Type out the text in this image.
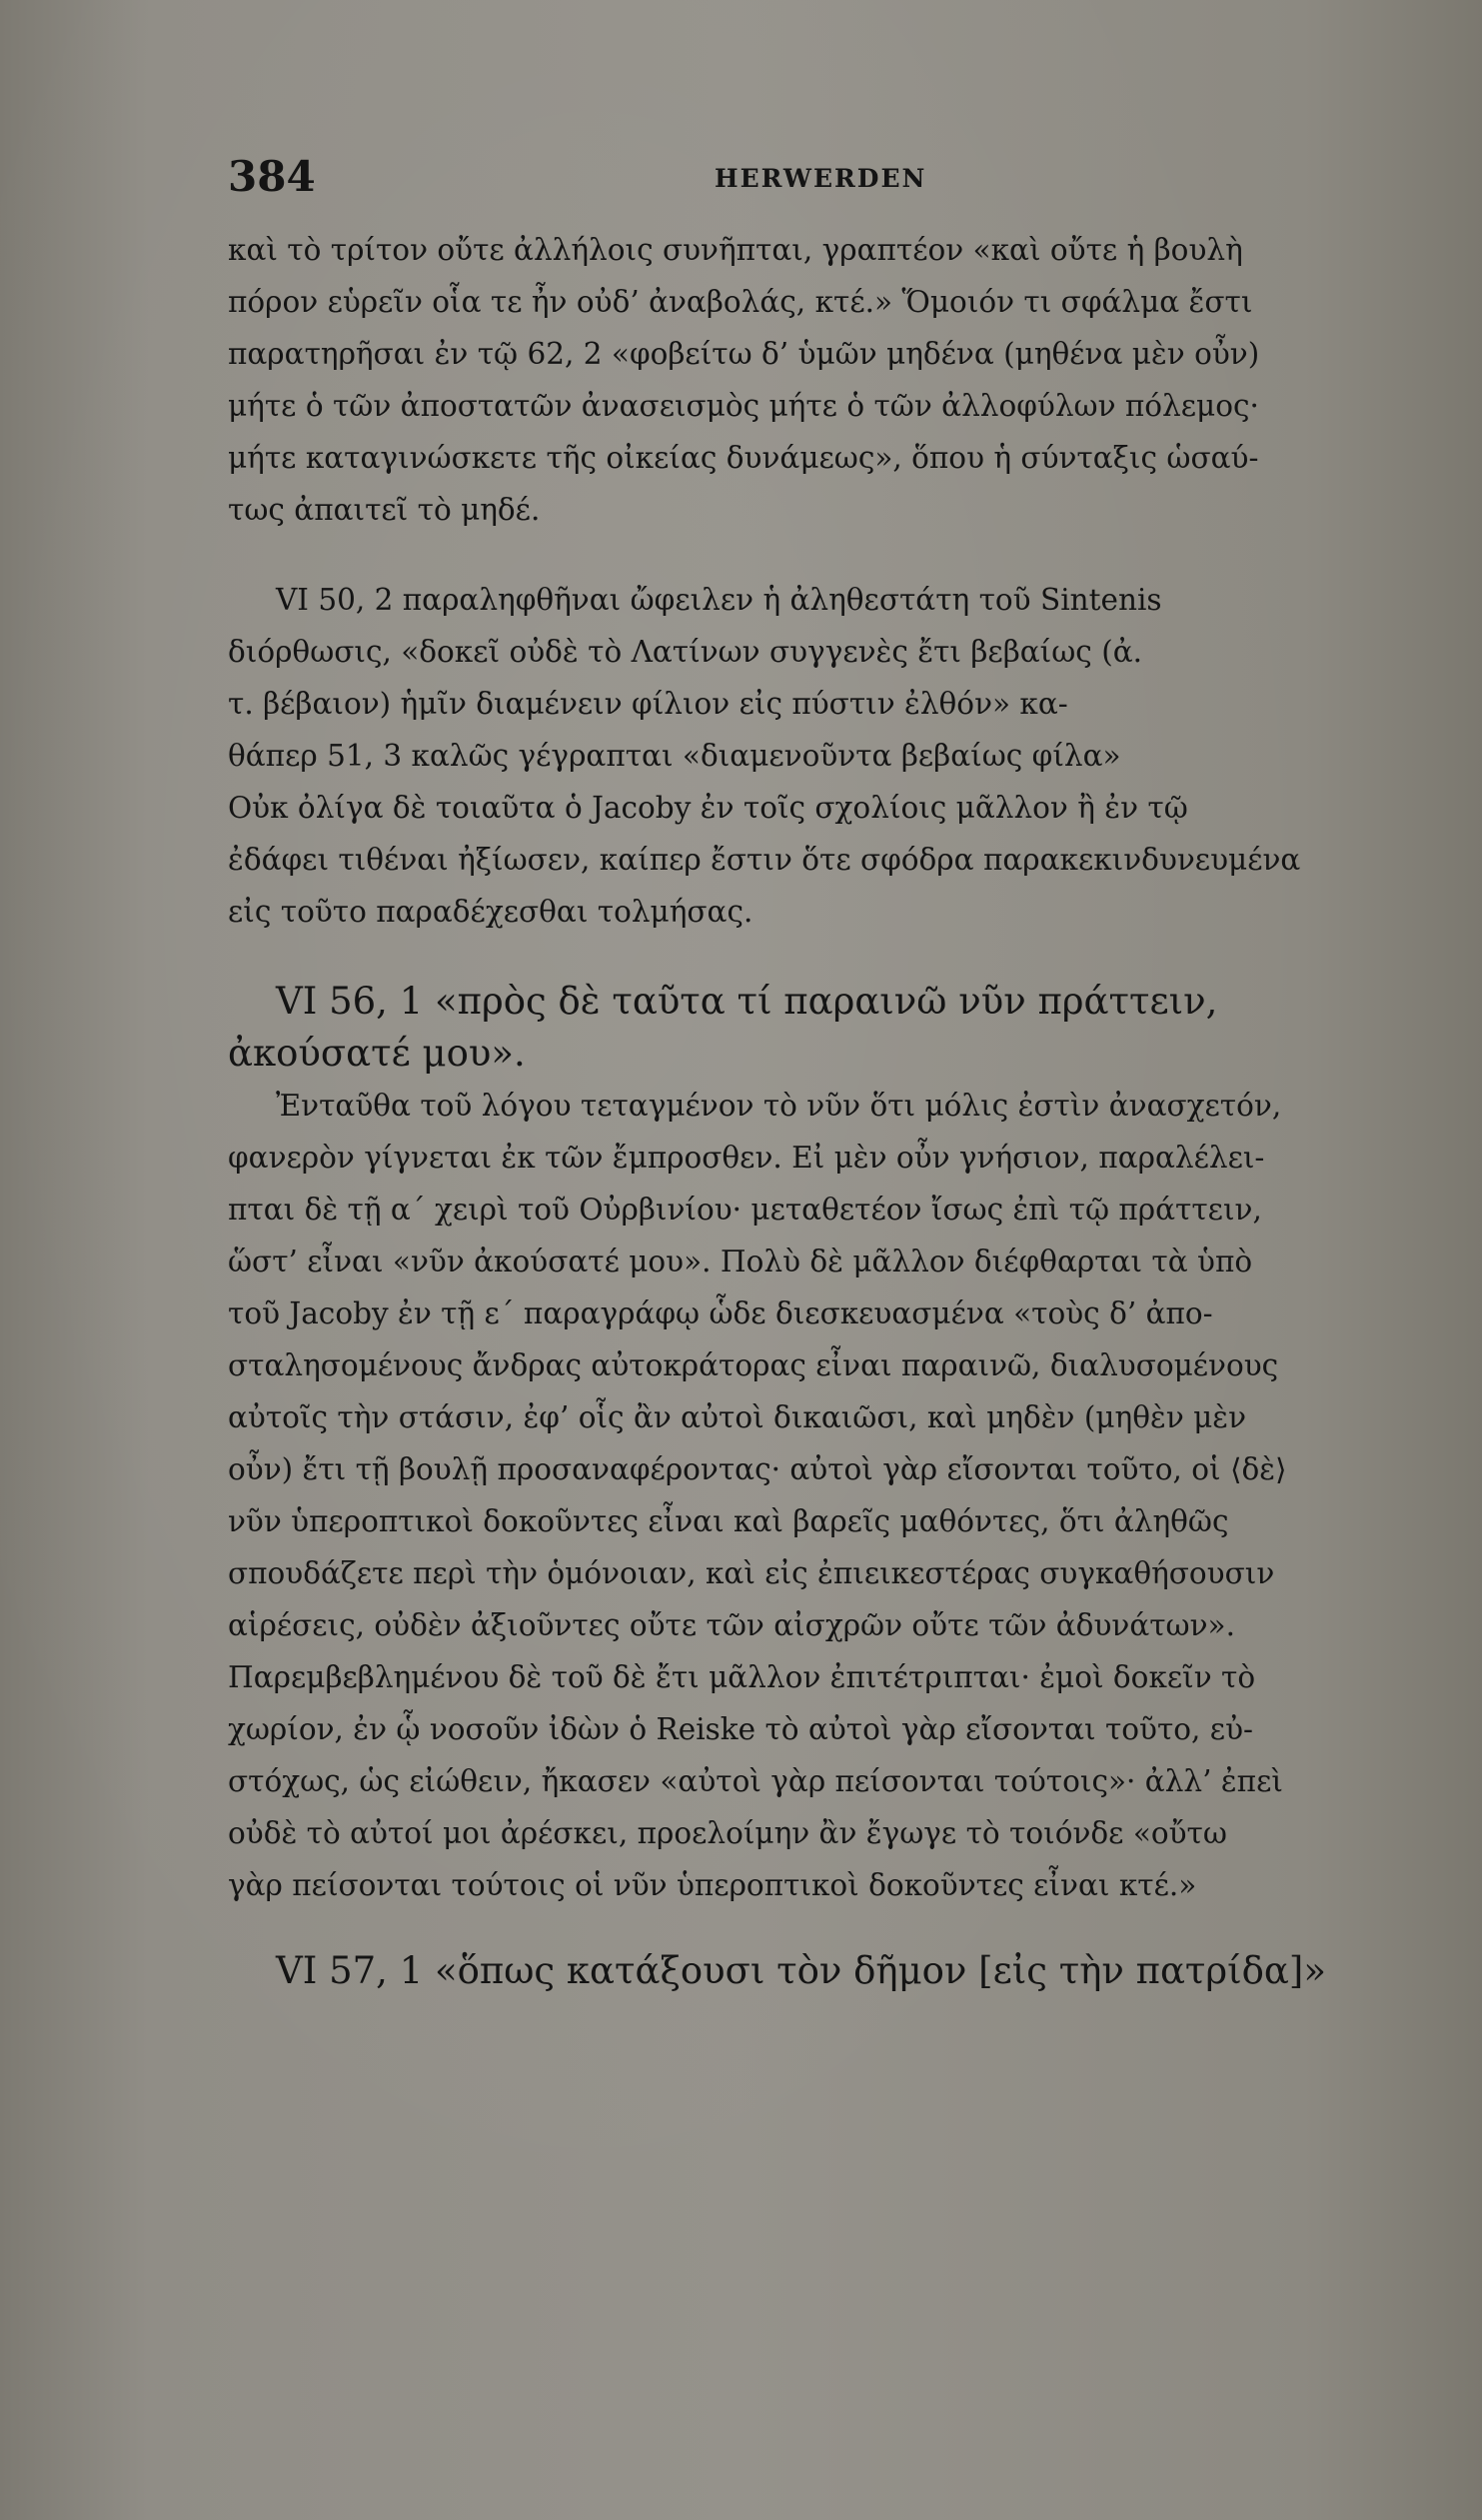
384	HERWERDEN
καὶ τὸ τρίτον οὔτε ἀλλήλοις συνῆπται, γραπτέον «καὶ οὔτε ἡ βουλὴ
πόρον εὑρεῖν οἷα τε ἦν οὐδ’ ἀναβολάς, κτέ.» Ὅμοιόν τι σφάλμα ἔστι
παρατηρῆσαι ἐν τῷ 62, 2 «φοβείτω δ’ ὑμῶν μηδένα (μηθένα μὲν οὖν)
μήτε ὁ τῶν ἀποστατῶν ἀνασεισμὸς μήτε ὁ τῶν ἀλλοφύλων πόλεμος·
μήτε καταγινώσκετε τῆς οἰκείας δυνάμεως», ὅπου ἡ σύνταξις ὡσαύ-
τως ἀπαιτεῖ τὸ μηδέ.
VI 50, 2 παραληφθῆναι ὤφειλεν ἡ ἀληθεστάτη τοῦ Sintenis
διόρθωσις, «δοκεῖ οὐδὲ τὸ Λατίνων συγγενὲς ἔτι βεβαίως (ἀ.
τ. βέβαιον) ἡμῖν διαμένειν φίλιον εἰς πύστιν ἐλθόν» κα-
θάπερ 51, 3 καλῶς γέγραπται «διαμενοῦντα βεβαίως φίλα»
Οὐκ ὀλίγα δὲ τοιαῦτα ὁ Jacoby ἐν τοῖς σχολίοις μᾶλλον ἢ ἐν τῷ
ἐδάφει τιθέναι ἠξίωσεν, καίπερ ἔστιν ὅτε σφόδρα παρακεκινδυνευμένα
εἰς τοῦτο παραδέχεσθαι τολμήσας.
VI 56, 1 «πρὸς δὲ ταῦτα τί παραινῶ νῦν πράττειν,
ἀκούσατέ μου».
Ἐνταῦθα τοῦ λόγου τεταγμένον τὸ νῦν ὅτι μόλις ἐστὶν ἀνασχετόν,
φανερὸν γίγνεται ἐκ τῶν ἔμπροσθεν. Εἰ μὲν οὖν γνήσιον, παραλέλει-
πται δὲ τῇ α΄ χειρὶ τοῦ Οὐρβινίου· μεταθετέον ἴσως ἐπὶ τῷ πράττειν,
ὥστ’ εἶναι «νῦν ἀκούσατέ μου». Πολὺ δὲ μᾶλλον διέφθαρται τὰ ὑπὸ
τοῦ Jacoby ἐν τῇ ε΄ παραγράφῳ ὧδε διεσκευασμένα «τοὺς δ’ ἀπο-
σταλησομένους ἄνδρας αὐτοκράτορας εἶναι παραινῶ, διαλυσομένους
αὐτοῖς τὴν στάσιν, ἐφ’ οἷς ἂν αὐτοὶ δικαιῶσι, καὶ μηδὲν (μηθὲν μὲν
οὖν) ἔτι τῇ βουλῇ προσαναφέροντας· αὐτοὶ γὰρ εἴσονται τοῦτο, οἱ ⟨δὲ⟩
νῦν ὑπεροπτικοὶ δοκοῦντες εἶναι καὶ βαρεῖς μαθόντες, ὅτι ἀληθῶς
σπουδάζετε περὶ τὴν ὁμόνοιαν, καὶ εἰς ἐπιεικεστέρας συγκαθήσουσιν
αἱρέσεις, οὐδὲν ἀξιοῦντες οὔτε τῶν αἰσχρῶν οὔτε τῶν ἀδυνάτων».
Παρεμβεβλημένου δὲ τοῦ δὲ ἔτι μᾶλλον ἐπιτέτριπται· ἐμοὶ δοκεῖν τὸ
χωρίον, ἐν ᾧ νοσοῦν ἰδὼν ὁ Reiske τὸ αὐτοὶ γὰρ εἴσονται τοῦτο, εὐ-
στόχως, ὡς εἰώθειν, ἤκασεν «αὐτοὶ γὰρ πείσονται τούτοις»· ἀλλ’ ἐπεὶ
οὐδὲ τὸ αὐτοί μοι ἀρέσκει, προελοίμην ἂν ἔγωγε τὸ τοιόνδε «οὔτω
γὰρ πείσονται τούτοις οἱ νῦν ὑπεροπτικοὶ δοκοῦντες εἶναι κτέ.»
VI 57, 1 «ὅπως κατάξουσι τὸν δῆμον [εἰς τὴν πατρίδα]»
